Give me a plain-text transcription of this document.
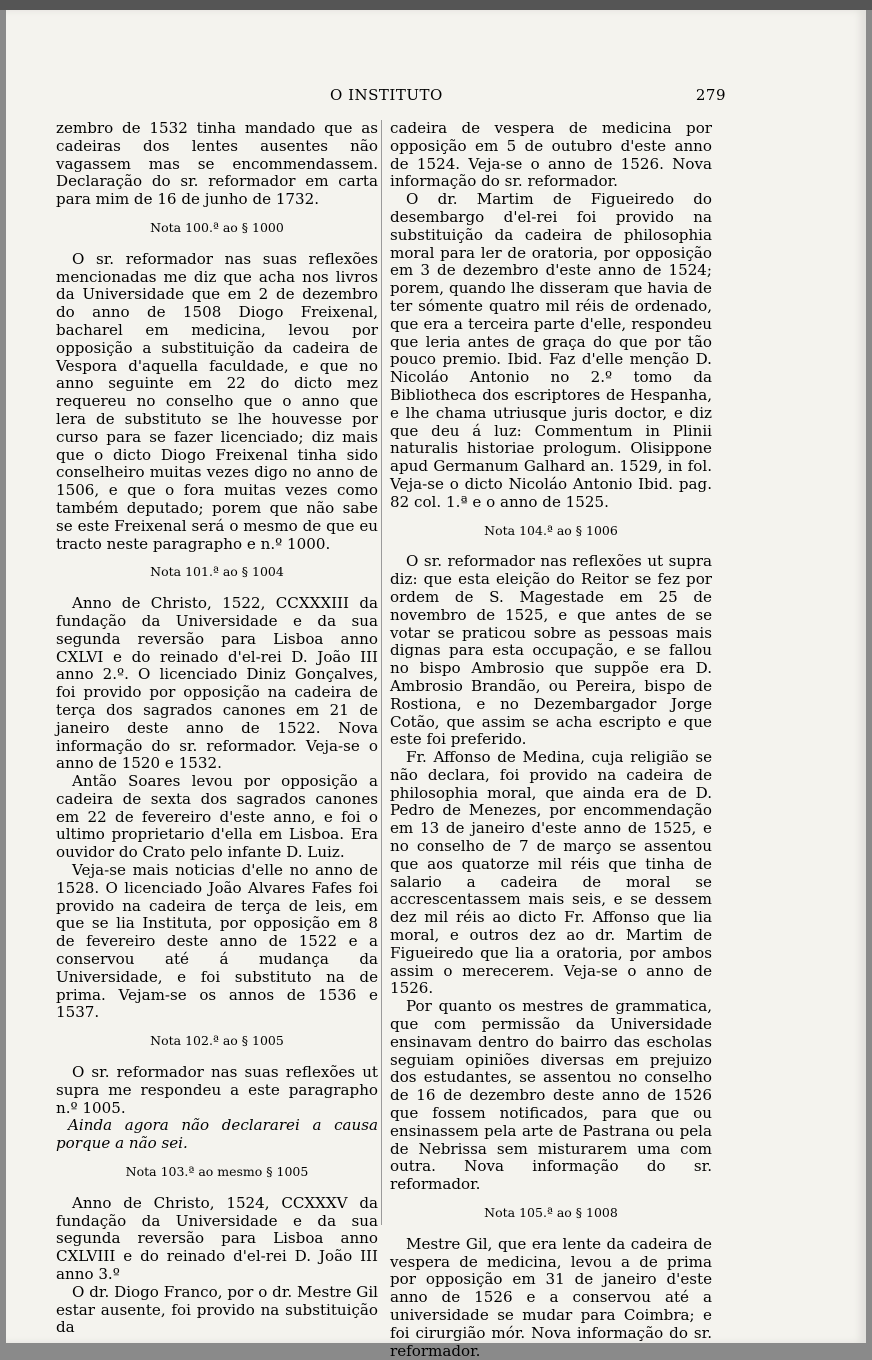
O INSTITUTO	279

zembro de 1532 tinha mandado que as cadeiras dos lentes ausentes não vagassem mas se encommendassem. Declaração do sr. reformador em carta para mim de 16 de junho de 1732.

Nota 100.ª ao § 1000

O sr. reformador nas suas reflexões mencionadas me diz que acha nos livros da Universidade que em 2 de dezembro do anno de 1508 Diogo Freixenal, bacharel em medicina, levou por opposição a substituição da cadeira de Vespora d'aquella faculdade, e que no anno seguinte em 22 do dicto mez requereu no conselho que o anno que lera de substituto se lhe houvesse por curso para se fazer licenciado; diz mais que o dicto Diogo Freixenal tinha sido conselheiro muitas vezes digo no anno de 1506, e que o fora muitas vezes como também deputado; porem que não sabe se este Freixenal será o mesmo de que eu tracto neste paragrapho e n.º 1000.

Nota 101.ª ao § 1004

Anno de Christo, 1522, CCXXXIII da fundação da Universidade e da sua segunda reversão para Lisboa anno CXLVI e do reinado d'el-rei D. João III anno 2.º. O licenciado Diniz Gonçalves, foi provido por opposição na cadeira de terça dos sagrados canones em 21 de janeiro deste anno de 1522. Nova informação do sr. reformador. Veja-se o anno de 1520 e 1532.

Antão Soares levou por opposição a cadeira de sexta dos sagrados canones em 22 de fevereiro d'este anno, e foi o ultimo proprietario d'ella em Lisboa. Era ouvidor do Crato pelo infante D. Luiz.

Veja-se mais noticias d'elle no anno de 1528. O licenciado João Alvares Fafes foi provido na cadeira de terça de leis, em que se lia Instituta, por opposição em 8 de fevereiro deste anno de 1522 e a conservou até á mudança da Universidade, e foi substituto na de prima. Vejam-se os annos de 1536 e 1537.

Nota 102.ª ao § 1005

O sr. reformador nas suas reflexões ut supra me respondeu a este paragrapho n.º 1005.

Ainda agora não declararei a causa porque a não sei.

Nota 103.ª ao mesmo § 1005

Anno de Christo, 1524, CCXXXV da fundação da Universidade e da sua segunda reversão para Lisboa anno CXLVIII e do reinado d'el-rei D. João III anno 3.º

O dr. Diogo Franco, por o dr. Mestre Gil estar ausente, foi provido na substituição da

cadeira de vespera de medicina por opposição em 5 de outubro d'este anno de 1524. Veja-se o anno de 1526. Nova informação do sr. reformador.

O dr. Martim de Figueiredo do desembargo d'el-rei foi provido na substituição da cadeira de philosophia moral para ler de oratoria, por opposição em 3 de dezembro d'este anno de 1524; porem, quando lhe disseram que havia de ter sómente quatro mil réis de ordenado, que era a terceira parte d'elle, respondeu que leria antes de graça do que por tão pouco premio. Ibid. Faz d'elle menção D. Nicoláo Antonio no 2.º tomo da Bibliotheca dos escriptores de Hespanha, e lhe chama utriusque juris doctor, e diz que deu á luz: Commentum in Plinii naturalis historiae prologum. Olisippone apud Germanum Galhard an. 1529, in fol. Veja-se o dicto Nicoláo Antonio Ibid. pag. 82 col. 1.ª e o anno de 1525.

Nota 104.ª ao § 1006

O sr. reformador nas reflexões ut supra diz: que esta eleição do Reitor se fez por ordem de S. Magestade em 25 de novembro de 1525, e que antes de se votar se praticou sobre as pessoas mais dignas para esta occupação, e se fallou no bispo Ambrosio que suppõe era D. Ambrosio Brandão, ou Pereira, bispo de Rostiona, e no Dezembargador Jorge Cotão, que assim se acha escripto e que este foi preferido.

Fr. Affonso de Medina, cuja religião se não declara, foi provido na cadeira de philosophia moral, que ainda era de D. Pedro de Menezes, por encommendação em 13 de janeiro d'este anno de 1525, e no conselho de 7 de março se assentou que aos quatorze mil réis que tinha de salario a cadeira de moral se accrescentassem mais seis, e se dessem dez mil réis ao dicto Fr. Affonso que lia moral, e outros dez ao dr. Martim de Figueiredo que lia a oratoria, por ambos assim o merecerem. Veja-se o anno de 1526.

Por quanto os mestres de grammatica, que com permissão da Universidade ensinavam dentro do bairro das escholas seguiam opiniões diversas em prejuizo dos estudantes, se assentou no conselho de 16 de dezembro deste anno de 1526 que fossem notificados, para que ou ensinassem pela arte de Pastrana ou pela de Nebrissa sem misturarem uma com outra. Nova informação do sr. reformador.

Nota 105.ª ao § 1008

Mestre Gil, que era lente da cadeira de vespera de medicina, levou a de prima por opposição em 31 de janeiro d'este anno de 1526 e a conservou até a universidade se mudar para Coimbra; e foi cirurgião mór. Nova informação do sr. reformador.
